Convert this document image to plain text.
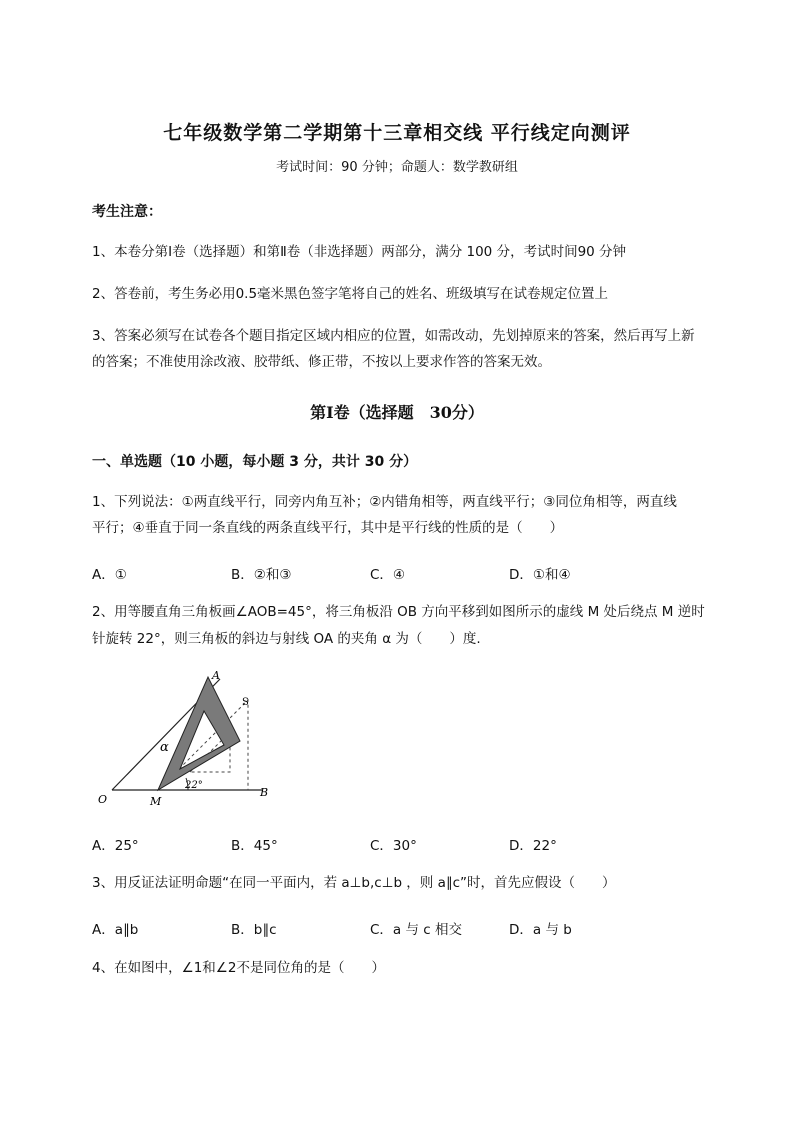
七年级数学第二学期第十三章相交线 平行线定向测评
考试时间：90 分钟；命题人：数学教研组
考生注意：
1、本卷分第Ⅰ卷（选择题）和第Ⅱ卷（非选择题）两部分，满分 100 分，考试时间90 分钟
2、答卷前，考生务必用0.5毫米黑色签字笔将自己的姓名、班级填写在试卷规定位置上
3、答案必须写在试卷各个题目指定区域内相应的位置，如需改动，先划掉原来的答案，然后再写上新
的答案；不准使用涂改液、胶带纸、修正带，不按以上要求作答的答案无效。
第Ⅰ卷（选择题　30分）
一、单选题（10 小题，每小题 3 分，共计 30 分）
1、下列说法：①两直线平行，同旁内角互补；②内错角相等，两直线平行；③同位角相等，两直线
平行；④垂直于同一条直线的两条直线平行，其中是平行线的性质的是（　　）
A．①	B．②和③	C．④	D．①和④
2、用等腰直角三角板画∠AOB=45°，将三角板沿 OB 方向平移到如图所示的虚线 M 处后绕点 M 逆时
针旋转 22°，则三角板的斜边与射线 OA 的夹角 α 为（　　）度.
A
S
O	M
B
α
22°
A．25°	B．45°	C．30°	D．22°
3、用反证法证明命题“在同一平面内，若 a⊥b,c⊥b ，则 a∥c”时，首先应假设（　　）
A．a∥b	B．b∥c	C．a 与 c 相交	D．a 与 b
4、在如图中，∠1和∠2不是同位角的是（　　）
